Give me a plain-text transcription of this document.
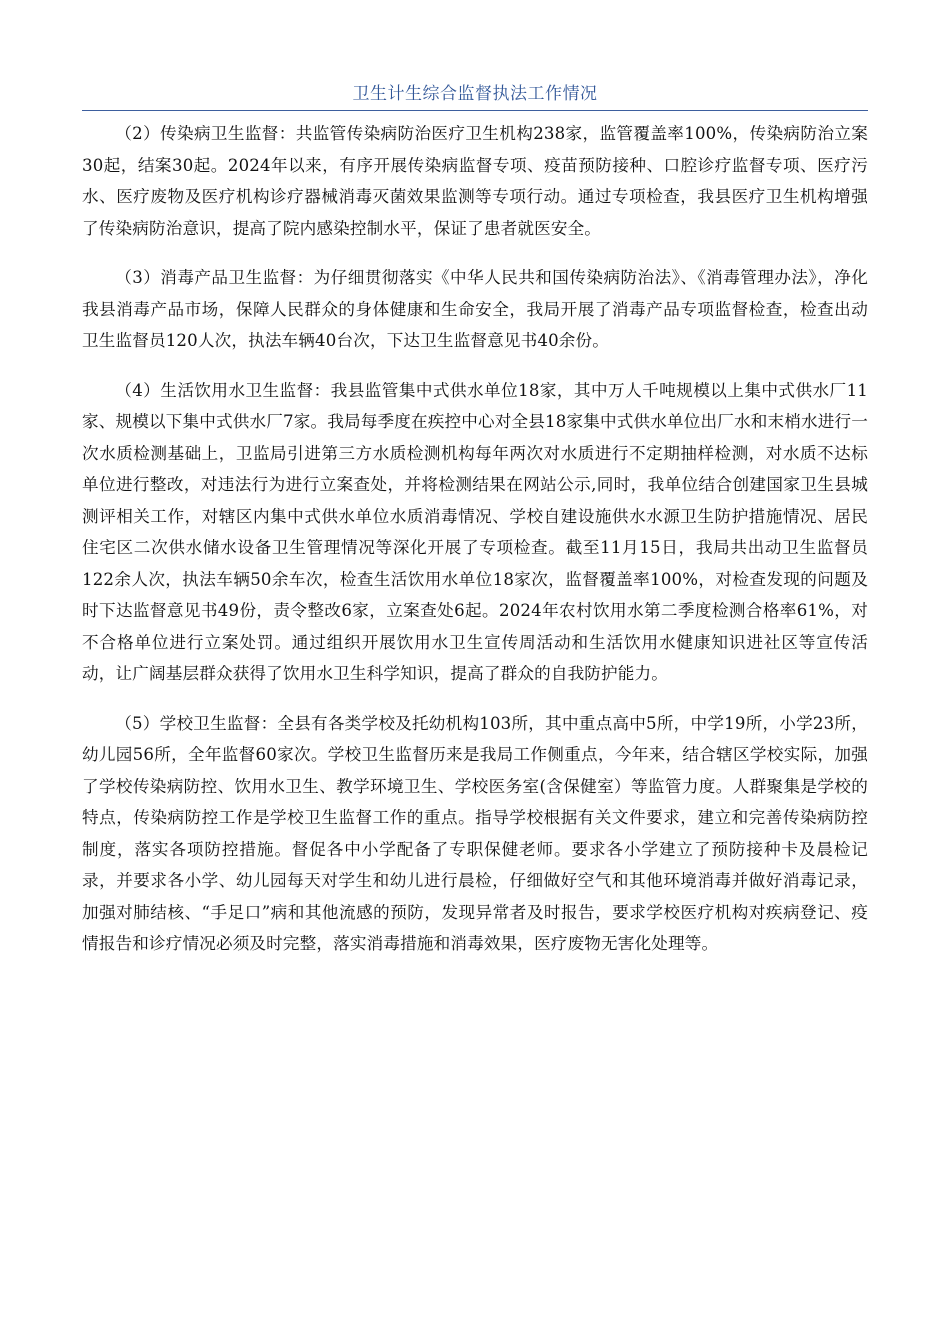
卫生计生综合监督执法工作情况

（2）传染病卫生监督：共监管传染病防治医疗卫生机构238家，监管覆盖率100%，传染病防治立案30起，结案30起。2024年以来，有序开展传染病监督专项、疫苗预防接种、口腔诊疗监督专项、医疗污水、医疗废物及医疗机构诊疗器械消毒灭菌效果监测等专项行动。通过专项检查，我县医疗卫生机构增强了传染病防治意识，提高了院内感染控制水平，保证了患者就医安全。

（3）消毒产品卫生监督：为仔细贯彻落实《中华人民共和国传染病防治法》、《消毒管理办法》，净化我县消毒产品市场，保障人民群众的身体健康和生命安全，我局开展了消毒产品专项监督检查，检查出动卫生监督员120人次，执法车辆40台次，下达卫生监督意见书40余份。

（4）生活饮用水卫生监督：我县监管集中式供水单位18家，其中万人千吨规模以上集中式供水厂11家、规模以下集中式供水厂7家。我局每季度在疾控中心对全县18家集中式供水单位出厂水和末梢水进行一次水质检测基础上，卫监局引进第三方水质检测机构每年两次对水质进行不定期抽样检测，对水质不达标单位进行整改，对违法行为进行立案查处，并将检测结果在网站公示,同时，我单位结合创建国家卫生县城测评相关工作，对辖区内集中式供水单位水质消毒情况、学校自建设施供水水源卫生防护措施情况、居民住宅区二次供水储水设备卫生管理情况等深化开展了专项检查。截至11月15日，我局共出动卫生监督员122余人次，执法车辆50余车次，检查生活饮用水单位18家次，监督覆盖率100%，对检查发现的问题及时下达监督意见书49份，责令整改6家，立案查处6起。2024年农村饮用水第二季度检测合格率61%，对不合格单位进行立案处罚。通过组织开展饮用水卫生宣传周活动和生活饮用水健康知识进社区等宣传活动，让广阔基层群众获得了饮用水卫生科学知识，提高了群众的自我防护能力。

（5）学校卫生监督：全县有各类学校及托幼机构103所，其中重点高中5所，中学19所，小学23所，幼儿园56所，全年监督60家次。学校卫生监督历来是我局工作侧重点，今年来，结合辖区学校实际，加强了学校传染病防控、饮用水卫生、教学环境卫生、学校医务室(含保健室）等监管力度。人群聚集是学校的特点，传染病防控工作是学校卫生监督工作的重点。指导学校根据有关文件要求，建立和完善传染病防控制度，落实各项防控措施。督促各中小学配备了专职保健老师。要求各小学建立了预防接种卡及晨检记录，并要求各小学、幼儿园每天对学生和幼儿进行晨检，仔细做好空气和其他环境消毒并做好消毒记录，加强对肺结核、“手足口”病和其他流感的预防，发现异常者及时报告，要求学校医疗机构对疾病登记、疫情报告和诊疗情况必须及时完整，落实消毒措施和消毒效果，医疗废物无害化处理等。
